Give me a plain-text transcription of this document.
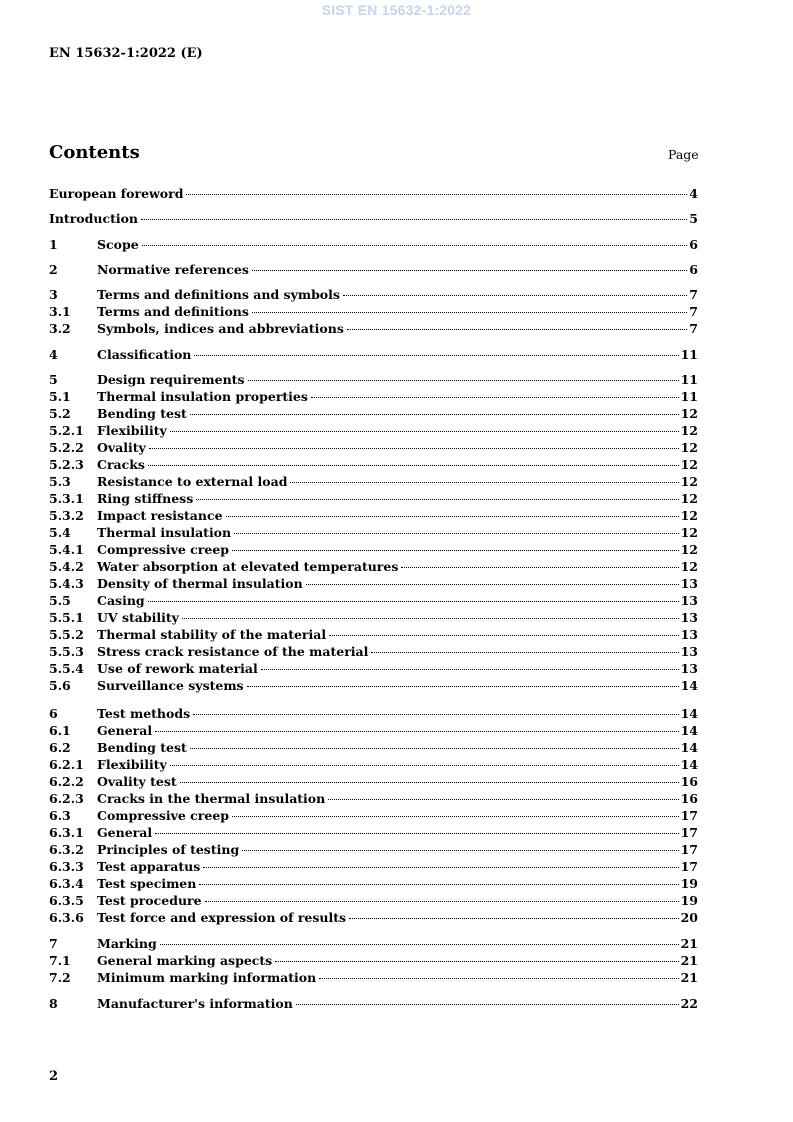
SIST EN 15632-1:2022
EN 15632-1:2022 (E)
Contents	Page
European foreword	4
Introduction	5
1	Scope	6
2	Normative references	6
3	Terms and definitions and symbols	7
3.1	Terms and definitions	7
3.2	Symbols, indices and abbreviations	7
4	Classification	11
5	Design requirements	11
5.1	Thermal insulation properties	11
5.2	Bending test	12
5.2.1	Flexibility	12
5.2.2	Ovality	12
5.2.3	Cracks	12
5.3	Resistance to external load	12
5.3.1	Ring stiffness	12
5.3.2	Impact resistance	12
5.4	Thermal insulation	12
5.4.1	Compressive creep	12
5.4.2	Water absorption at elevated temperatures	12
5.4.3	Density of thermal insulation	13
5.5	Casing	13
5.5.1	UV stability	13
5.5.2	Thermal stability of the material	13
5.5.3	Stress crack resistance of the material	13
5.5.4	Use of rework material	13
5.6	Surveillance systems	14
6	Test methods	14
6.1	General	14
6.2	Bending test	14
6.2.1	Flexibility	14
6.2.2	Ovality test	16
6.2.3	Cracks in the thermal insulation	16
6.3	Compressive creep	17
6.3.1	General	17
6.3.2	Principles of testing	17
6.3.3	Test apparatus	17
6.3.4	Test specimen	19
6.3.5	Test procedure	19
6.3.6	Test force and expression of results	20
7	Marking	21
7.1	General marking aspects	21
7.2	Minimum marking information	21
8	Manufacturer's information	22
2
